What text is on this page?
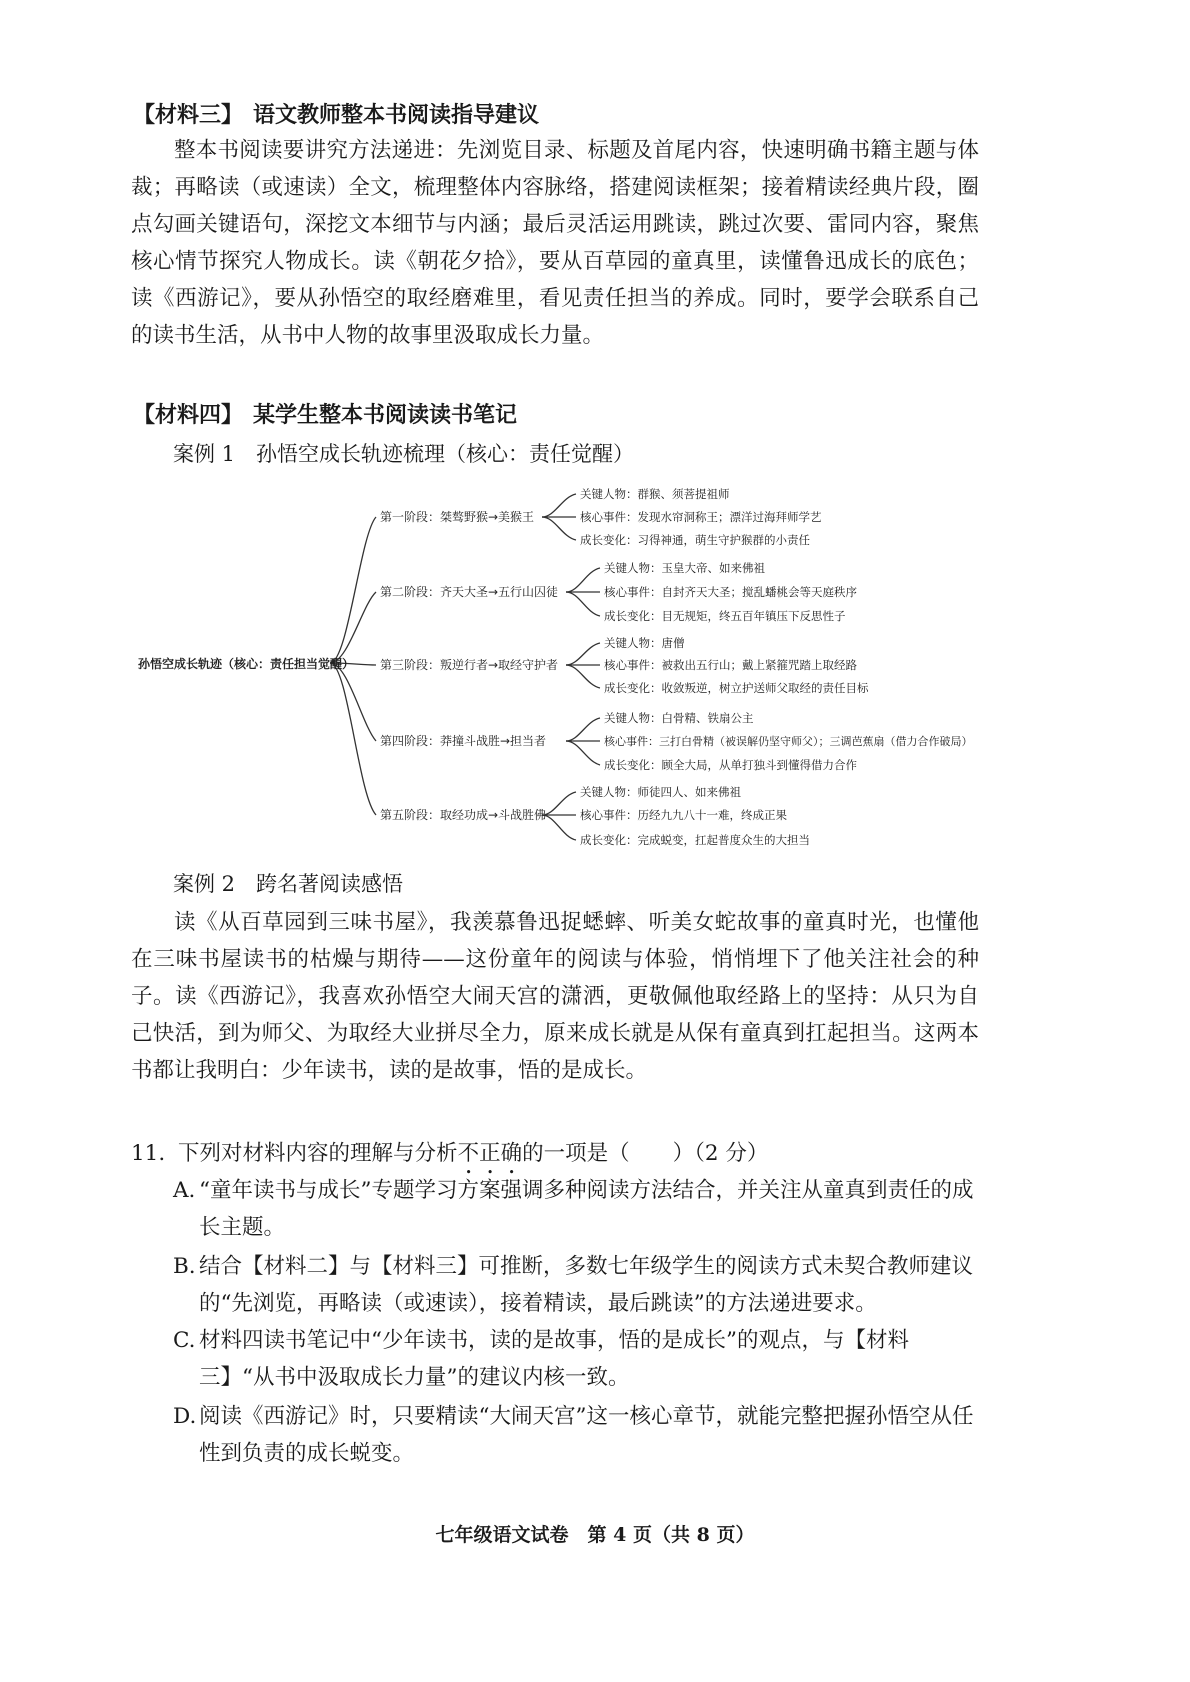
【材料三】 语文教师整本书阅读指导建议

整本书阅读要讲究方法递进：先浏览目录、标题及首尾内容，快速明确书籍主题与体裁；再略读（或速读）全文，梳理整体内容脉络，搭建阅读框架；接着精读经典片段，圈点勾画关键语句，深挖文本细节与内涵；最后灵活运用跳读，跳过次要、雷同内容，聚焦核心情节探究人物成长。读《朝花夕拾》，要从百草园的童真里，读懂鲁迅成长的底色；读《西游记》，要从孙悟空的取经磨难里，看见责任担当的养成。同时，要学会联系自己的读书生活，从书中人物的故事里汲取成长力量。

【材料四】 某学生整本书阅读读书笔记
案例 1　孙悟空成长轨迹梳理（核心：责任觉醒）
孙悟空成长轨迹（核心：责任担当觉醒）
第一阶段：桀骜野猴→美猴王
关键人物：群猴、须菩提祖师
核心事件：发现水帘洞称王；漂洋过海拜师学艺
成长变化：习得神通，萌生守护猴群的小责任
第二阶段：齐天大圣→五行山囚徒
关键人物：玉皇大帝、如来佛祖
核心事件：自封齐天大圣；搅乱蟠桃会等天庭秩序
成长变化：目无规矩，终五百年镇压下反思性子
第三阶段：叛逆行者→取经守护者
关键人物：唐僧
核心事件：被救出五行山；戴上紧箍咒踏上取经路
成长变化：收敛叛逆，树立护送师父取经的责任目标
第四阶段：莽撞斗战胜→担当者
关键人物：白骨精、铁扇公主
核心事件：三打白骨精（被误解仍坚守师父）；三调芭蕉扇（借力合作破局）
成长变化：顾全大局，从单打独斗到懂得借力合作
第五阶段：取经功成→斗战胜佛
关键人物：师徒四人、如来佛祖
核心事件：历经九九八十一难，终成正果
成长变化：完成蜕变，扛起普度众生的大担当
案例 2　跨名著阅读感悟

读《从百草园到三味书屋》，我羡慕鲁迅捉蟋蟀、听美女蛇故事的童真时光，也懂他在三味书屋读书的枯燥与期待——这份童年的阅读与体验，悄悄埋下了他关注社会的种子。读《西游记》，我喜欢孙悟空大闹天宫的潇洒，更敬佩他取经路上的坚持：从只为自己快活，到为师父、为取经大业拼尽全力，原来成长就是从保有童真到扛起担当。这两本书都让我明白：少年读书，读的是故事，悟的是成长。

11. 下列对材料内容的理解与分析不正确的一项是（　　）（2 分）
A. “童年读书与成长”专题学习方案强调多种阅读方法结合，并关注从童真到责任的成长主题。
B. 结合【材料二】与【材料三】可推断，多数七年级学生的阅读方式未契合教师建议的“先浏览，再略读（或速读），接着精读，最后跳读”的方法递进要求。
C. 材料四读书笔记中“少年读书，读的是故事，悟的是成长”的观点，与【材料三】“从书中汲取成长力量”的建议内核一致。
D. 阅读《西游记》时，只要精读“大闹天宫”这一核心章节，就能完整把握孙悟空从任性到负责的成长蜕变。
七年级语文试卷　第 4 页（共 8 页）
